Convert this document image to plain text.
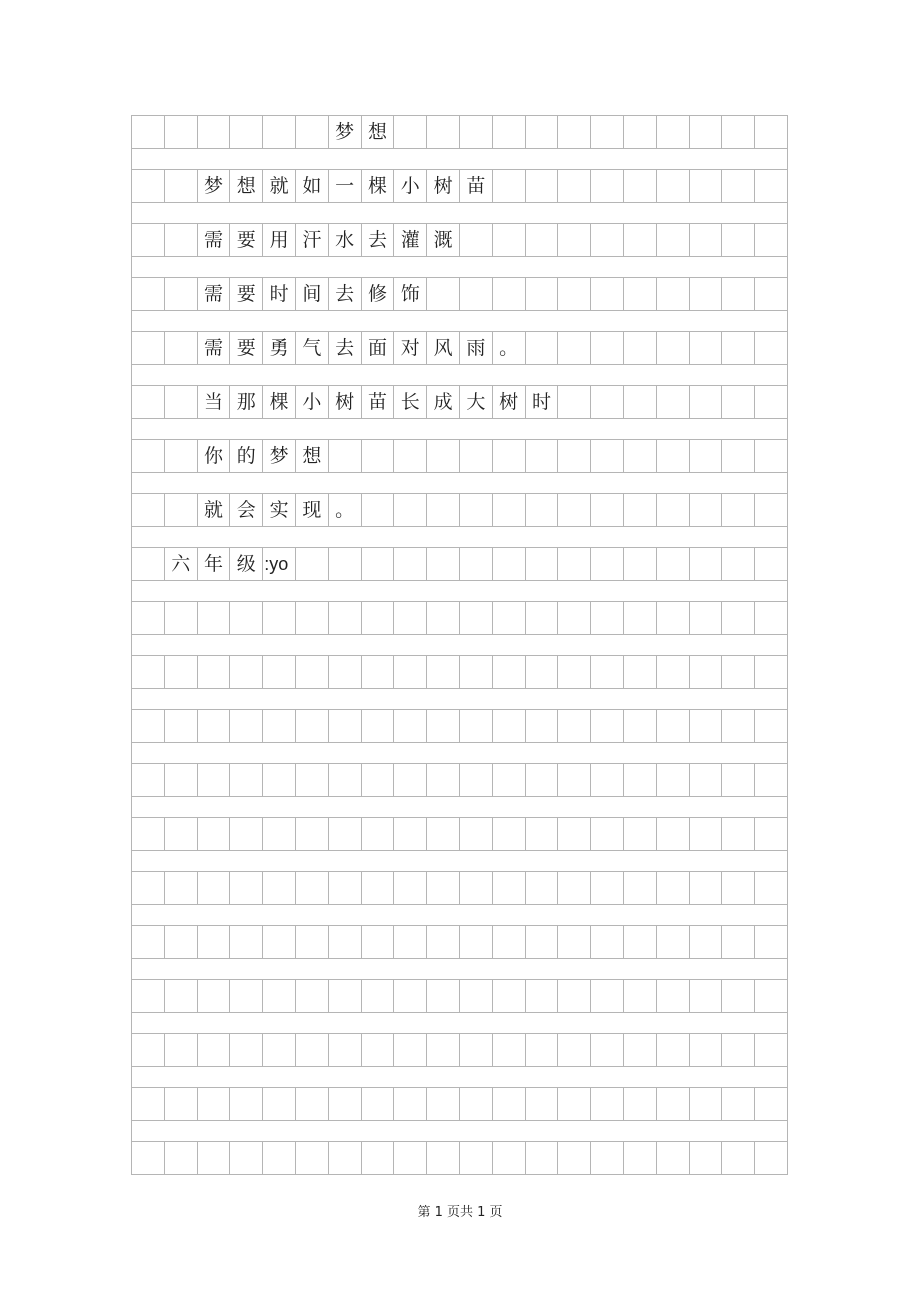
梦 想
梦 想 就 如 一 棵 小 树 苗
需 要 用 汗 水 去 灌 溉
需 要 时 间 去 修 饰
需 要 勇 气 去 面 对 风 雨 。
当 那 棵 小 树 苗 长 成 大 树 时
你 的 梦 想
就 会 实 现 。
六 年 级 :yo
第 1 页共 1 页
